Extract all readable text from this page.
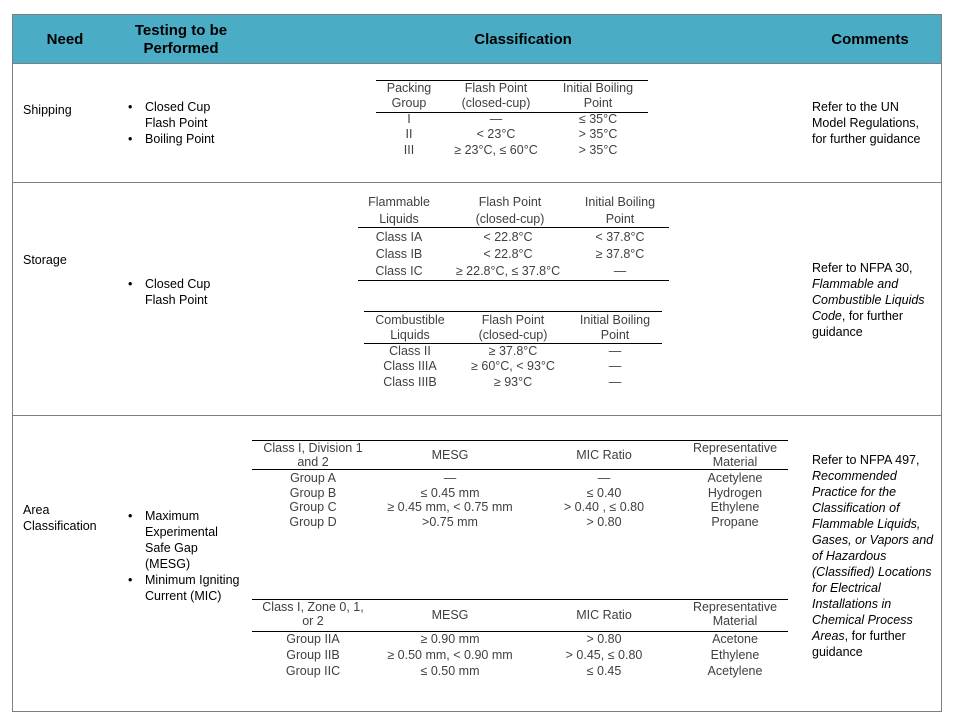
Need
Testing to be Performed
Classification	Comments
Shipping
•	Closed Cup Flash Point
• Boiling Point
Refer to the UN Model Regulations, for further guidance
Packing Group
Flash Point (closed-cup)
Initial Boiling Point
I	—	≤ 35°C
II	< 23°C	> 35°C
III	≥ 23°C, ≤ 60°C	> 35°C
Storage
• Closed Cup Flash Point
Refer to NFPA 30, Flammable and Combustible Liquids Code, for further guidance
Flammable Liquids
Flash Point (closed-cup)
Initial Boiling Point
Class IA	< 22.8°C	< 37.8°C
Class IB	< 22.8°C	≥ 37.8°C
Class IC	≥ 22.8°C, ≤ 37.8°C	—
Combustible Liquids
Flash Point (closed-cup)
Initial Boiling Point
Class II	≥ 37.8°C	—
Class IIIA	≥ 60°C, < 93°C	—
Class IIIB	≥ 93°C	—
Area Classification
• Maximum Experimental Safe Gap (MESG)
• Minimum Igniting Current (MIC)
Refer to NFPA 497, Recommended Practice for the Classification of Flammable Liquids, Gases, or Vapors and of Hazardous (Classified) Locations for Electrical Installations in Chemical Process Areas, for further guidance
Class I, Division 1 and 2	MESG	MIC Ratio	Representative Material
Group A	—	—	Acetylene
Group B	≤ 0.45 mm	≤ 0.40	Hydrogen
Group C	≥ 0.45 mm, < 0.75 mm	> 0.40 , ≤ 0.80	Ethylene
Group D	>0.75 mm	> 0.80	Propane
Class I, Zone 0, 1, or 2	MESG	MIC Ratio
Representative Material
Group IIA	≥ 0.90 mm	> 0.80	Acetone
Group IIB	≥ 0.50 mm, < 0.90 mm	> 0.45, ≤ 0.80	Ethylene
Group IIC	≤ 0.50 mm	≤ 0.45	Acetylene
